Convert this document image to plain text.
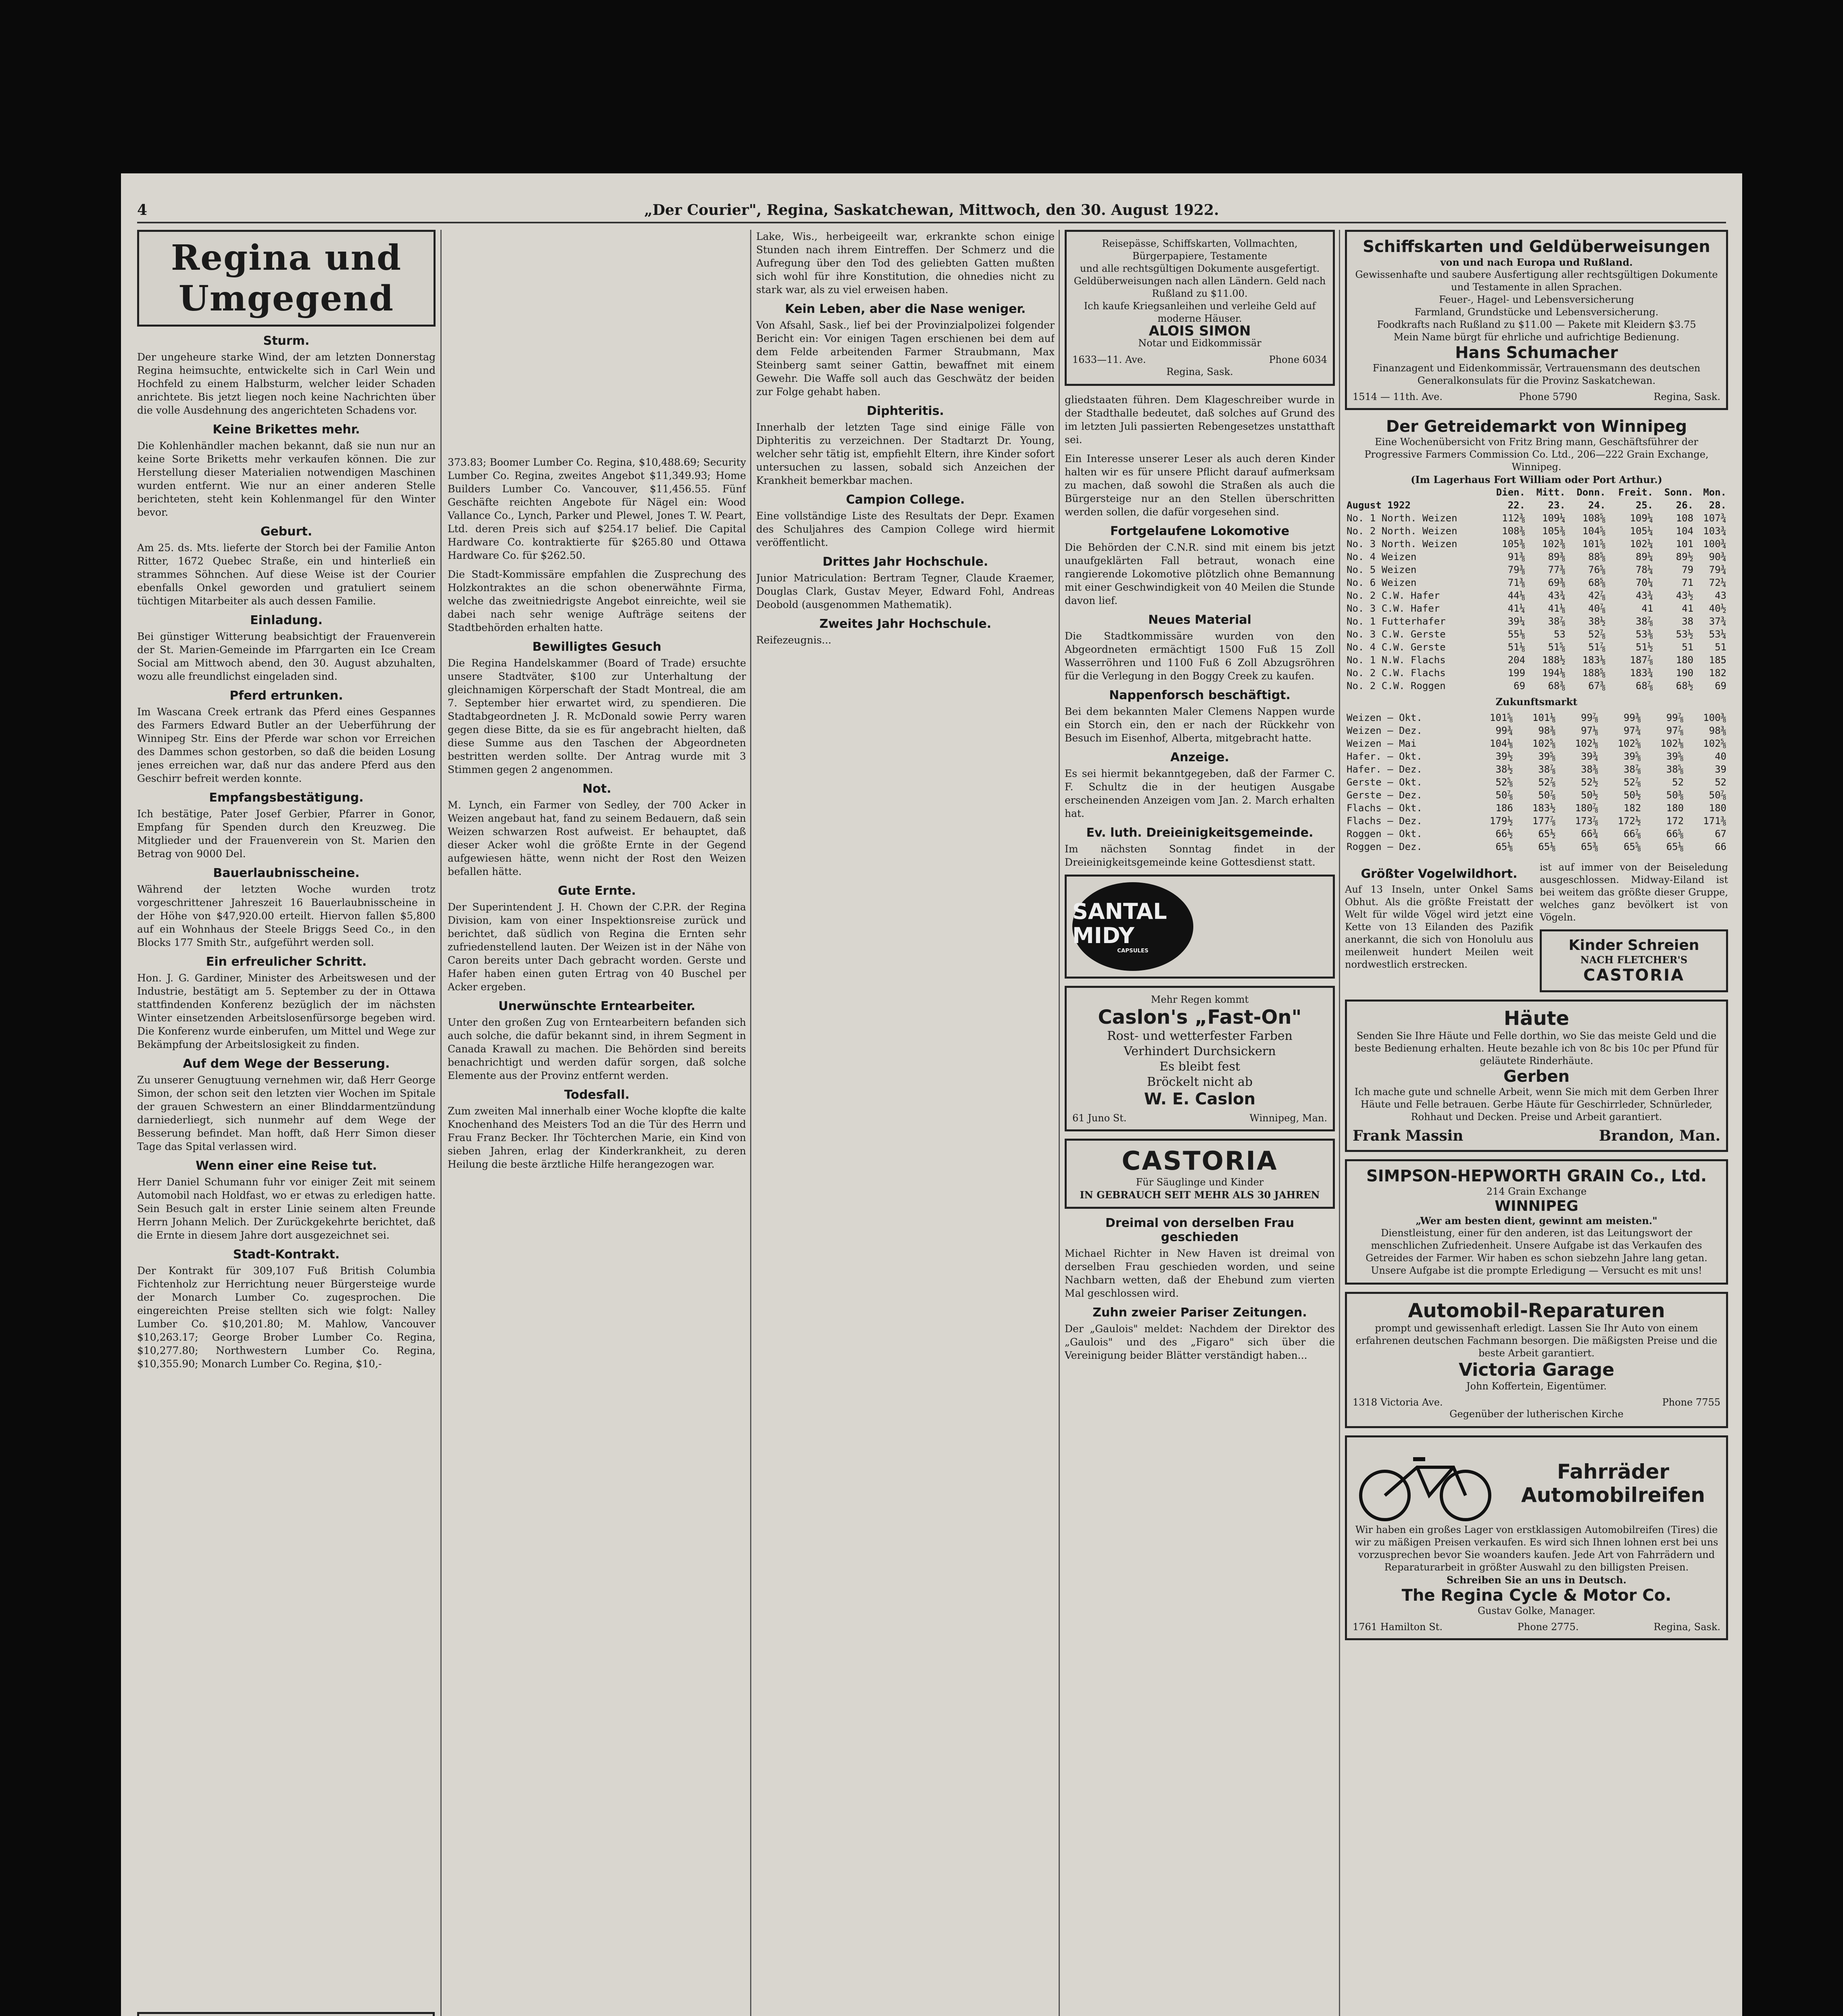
4	„Der Courier", Regina, Saskatchewan, Mittwoch, den 30. August 1922.
Regina und Umgegend
Sturm.

Der ungeheure starke Wind, der am letzten Donnerstag Regina heimsuchte, entwickelte sich in Carl Wein und Hochfeld zu einem Halbsturm, welcher leider Schaden anrichtete. Bis jetzt liegen noch keine Nachrichten über die volle Ausdehnung des angerichteten Schadens vor.

Keine Brikettes mehr.

Die Kohlenhändler machen bekannt, daß sie nun nur an keine Sorte Briketts mehr verkaufen können. Die zur Herstellung dieser Materialien notwendigen Maschinen wurden entfernt. Wie nur an einer anderen Stelle berichteten, steht kein Kohlenmangel für den Winter bevor.

Geburt.

Am 25. ds. Mts. lieferte der Storch bei der Familie Anton Ritter, 1672 Quebec Straße, ein und hinterließ ein strammes Söhnchen. Auf diese Weise ist der Courier ebenfalls Onkel geworden und gratuliert seinem tüchtigen Mitarbeiter als auch dessen Familie.

Einladung.

Bei günstiger Witterung beabsichtigt der Frauenverein der St. Marien-Gemeinde im Pfarrgarten ein Ice Cream Social am Mittwoch abend, den 30. August abzuhalten, wozu alle freundlichst eingeladen sind.

Pferd ertrunken.

Im Wascana Creek ertrank das Pferd eines Gespannes des Farmers Edward Butler an der Ueberführung der Winnipeg Str. Eins der Pferde war schon vor Erreichen des Dammes schon gestorben, so daß die beiden Losung jenes erreichen war, daß nur das andere Pferd aus den Geschirr befreit werden konnte.

Empfangsbestätigung.

Ich bestätige, Pater Josef Gerbier, Pfarrer in Gonor, Empfang für Spenden durch den Kreuzweg. Die Mitglieder und der Frauenverein von St. Marien den Betrag von 9000 Del.

Bauerlaubnisscheine.

Während der letzten Woche wurden trotz vorgeschrittener Jahreszeit 16 Bauerlaubnisscheine in der Höhe von $47,920.00 erteilt. Hiervon fallen $5,800 auf ein Wohnhaus der Steele Briggs Seed Co., in den Blocks 177 Smith Str., aufgeführt werden soll.

Ein erfreulicher Schritt.

Hon. J. G. Gardiner, Minister des Arbeitswesen und der Industrie, bestätigt am 5. September zu der in Ottawa stattfindenden Konferenz bezüglich der im nächsten Winter einsetzenden Arbeitslosenfürsorge begeben wird. Die Konferenz wurde einberufen, um Mittel und Wege zur Bekämpfung der Arbeitslosigkeit zu finden.

Auf dem Wege der Besserung.

Zu unserer Genugtuung vernehmen wir, daß Herr George Simon, der schon seit den letzten vier Wochen im Spitale der grauen Schwestern an einer Blinddarmentzündung darniederliegt, sich nunmehr auf dem Wege der Besserung befindet. Man hofft, daß Herr Simon dieser Tage das Spital verlassen wird.

Wenn einer eine Reise tut.

Herr Daniel Schumann fuhr vor einiger Zeit mit seinem Automobil nach Holdfast, wo er etwas zu erledigen hatte. Sein Besuch galt in erster Linie seinem alten Freunde Herrn Johann Melich. Der Zurückgekehrte berichtet, daß die Ernte in diesem Jahre dort ausgezeichnet sei.

Stadt-Kontrakt.

Der Kontrakt für 309,107 Fuß British Columbia Fichtenholz zur Herrichtung neuer Bürgersteige wurde der Monarch Lumber Co. zugesprochen. Die eingereichten Preise stellten sich wie folgt: Nalley Lumber Co. $10,201.80; M. Mahlow, Vancouver $10,263.17; George Brober Lumber Co. Regina, $10,277.80; Northwestern Lumber Co. Regina, $10,355.90; Monarch Lumber Co. Regina, $10,-

373.83; Boomer Lumber Co. Regina, $10,488.69; Security Lumber Co. Regina, zweites Angebot $11,349.93; Home Builders Lumber Co. Vancouver, $11,456.55. Fünf Geschäfte reichten Angebote für Nägel ein: Wood Vallance Co., Lynch, Parker und Plewel, Jones T. W. Peart, Ltd. deren Preis sich auf $254.17 belief. Die Capital Hardware Co. kontraktierte für $265.80 und Ottawa Hardware Co. für $262.50.

Die Stadt-Kommissäre empfahlen die Zusprechung des Holzkontraktes an die schon obenerwähnte Firma, welche das zweitniedrigste Angebot einreichte, weil sie dabei nach sehr wenige Aufträge seitens der Stadtbehörden erhalten hatte.

Bewilligtes Gesuch

Die Regina Handelskammer (Board of Trade) ersuchte unsere Stadtväter, $100 zur Unterhaltung der gleichnamigen Körperschaft der Stadt Montreal, die am 7. September hier erwartet wird, zu spendieren. Die Stadtabgeordneten J. R. McDonald sowie Perry waren gegen diese Bitte, da sie es für angebracht hielten, daß diese Summe aus den Taschen der Abgeordneten bestritten werden sollte. Der Antrag wurde mit 3 Stimmen gegen 2 angenommen.

Not.

M. Lynch, ein Farmer von Sedley, der 700 Acker in Weizen angebaut hat, fand zu seinem Bedauern, daß sein Weizen schwarzen Rost aufweist. Er behauptet, daß dieser Acker wohl die größte Ernte in der Gegend aufgewiesen hätte, wenn nicht der Rost den Weizen befallen hätte.

Gute Ernte.

Der Superintendent J. H. Chown der C.P.R. der Regina Division, kam von einer Inspektionsreise zurück und berichtet, daß südlich von Regina die Ernten sehr zufriedenstellend lauten. Der Weizen ist in der Nähe von Caron bereits unter Dach gebracht worden. Gerste und Hafer haben einen guten Ertrag von 40 Buschel per Acker ergeben.

Unerwünschte Erntearbeiter.

Unter den großen Zug von Erntearbeitern befanden sich auch solche, die dafür bekannt sind, in ihrem Segment in Canada Krawall zu machen. Die Behörden sind bereits benachrichtigt und werden dafür sorgen, daß solche Elemente aus der Provinz entfernt werden.

Todesfall.

Zum zweiten Mal innerhalb einer Woche klopfte die kalte Knochenhand des Meisters Tod an die Tür des Herrn und Frau Franz Becker. Ihr Töchterchen Marie, ein Kind von sieben Jahren, erlag der Kinderkrankheit, zu deren Heilung die beste ärztliche Hilfe herangezogen war.

Lake, Wis., herbeigeeilt war, erkrankte schon einige Stunden nach ihrem Eintreffen. Der Schmerz und die Aufregung über den Tod des geliebten Gatten mußten sich wohl für ihre Konstitution, die ohnedies nicht zu stark war, als zu viel erweisen haben.

Kein Leben, aber die Nase weniger.

Von Afsahl, Sask., lief bei der Provinzialpolizei folgender Bericht ein: Vor einigen Tagen erschienen bei dem auf dem Felde arbeitenden Farmer Straubmann, Max Steinberg samt seiner Gattin, bewaffnet mit einem Gewehr. Die Waffe soll auch das Geschwätz der beiden zur Folge gehabt haben.

Diphteritis.

Innerhalb der letzten Tage sind einige Fälle von Diphteritis zu verzeichnen. Der Stadtarzt Dr. Young, welcher sehr tätig ist, empfiehlt Eltern, ihre Kinder sofort untersuchen zu lassen, sobald sich Anzeichen der Krankheit bemerkbar machen.

Campion College.

Eine vollständige Liste des Resultats der Depr. Examen des Schuljahres des Campion College wird hiermit veröffentlicht.

Drittes Jahr Hochschule.

Junior Matriculation: Bertram Tegner, Claude Kraemer, Douglas Clark, Gustav Meyer, Edward Fohl, Andreas Deobold (ausgenommen Mathematik).

Zweites Jahr Hochschule.

Reifezeugnis...

Reisepässe, Schiffskarten, Vollmachten, Bürgerpapiere, Testamente
und alle rechtsgültigen Dokumente ausgefertigt. Geldüberweisungen nach allen Ländern. Geld nach Rußland zu $11.00.
Ich kaufe Kriegsanleihen und verleihe Geld auf moderne Häuser.
ALOIS SIMON
Notar und Eidkommissär
1633—11. Ave.	Phone 6034
Regina, Sask.

gliedstaaten führen. Dem Klageschreiber wurde in der Stadthalle bedeutet, daß solches auf Grund des im letzten Juli passierten Rebengesetzes unstatthaft sei.

Ein Interesse unserer Leser als auch deren Kinder halten wir es für unsere Pflicht darauf aufmerksam zu machen, daß sowohl die Straßen als auch die Bürgersteige nur an den Stellen überschritten werden sollen, die dafür vorgesehen sind.

Fortgelaufene Lokomotive

Die Behörden der C.N.R. sind mit einem bis jetzt unaufgeklärten Fall betraut, wonach eine rangierende Lokomotive plötzlich ohne Bemannung mit einer Geschwindigkeit von 40 Meilen die Stunde davon lief.

Neues Material

Die Stadtkommissäre wurden von den Abgeordneten ermächtigt 1500 Fuß 15 Zoll Wasserröhren und 1100 Fuß 6 Zoll Abzugsröhren für die Verlegung in den Boggy Creek zu kaufen.

Nappenforsch beschäftigt.

Bei dem bekannten Maler Clemens Nappen wurde ein Storch ein, den er nach der Rückkehr von Besuch im Eisenhof, Alberta, mitgebracht hatte.

Anzeige.

Es sei hiermit bekanntgegeben, daß der Farmer C. F. Schultz die in der heutigen Ausgabe erscheinenden Anzeigen vom Jan. 2. March erhalten hat.

Ev. luth. Dreieinigkeitsgemeinde.

Im nächsten Sonntag findet in der Dreieinigkeitsgemeinde keine Gottesdienst statt.

SANTAL MIDY
CAPSULES
Mehr Regen kommt
Caslon's „Fast-On"
Rost- und wetterfester Farben
Verhindert Durchsickern
Es bleibt fest
Bröckelt nicht ab
W. E. Caslon
61 Juno St.	Winnipeg, Man.
CASTORIA
Für Säuglinge und Kinder
IN GEBRAUCH SEIT MEHR ALS 30 JAHREN
Dreimal von derselben Frau geschieden

Michael Richter in New Haven ist dreimal von derselben Frau geschieden worden, und seine Nachbarn wetten, daß der Ehebund zum vierten Mal geschlossen wird.

Zuhn zweier Pariser Zeitungen.

Der „Gaulois" meldet: Nachdem der Direktor des „Gaulois" und des „Figaro" sich über die Vereinigung beider Blätter verständigt haben...

Schiffskarten und Geldüberweisungen
von und nach Europa und Rußland.
Gewissenhafte und saubere Ausfertigung aller rechtsgültigen Dokumente und Testamente in allen Sprachen.
Feuer-, Hagel- und Lebensversicherung
Farmland, Grundstücke und Lebensversicherung.
Foodkrafts nach Rußland zu $11.00 — Pakete mit Kleidern $3.75
Mein Name bürgt für ehrliche und aufrichtige Bedienung.
Hans Schumacher
Finanzagent und Eidenkommissär, Vertrauensmann des deutschen Generalkonsulats für die Provinz Saskatchewan.
1514 — 11th. Ave.	Phone 5790	Regina, Sask.
Der Getreidemarkt von Winnipeg
Eine Wochenübersicht von Fritz Bring mann, Geschäftsführer der Progressive Farmers Commission Co. Ltd., 206—222 Grain Exchange, Winnipeg.
(Im Lagerhaus Fort William oder Port Arthur.)
	Dien.	Mitt.	Donn.	Freit.	Sonn.	Mon.
August 1922	22.	23.	24.	25.	26.	28.
No. 1 North. Weizen	112⅜	109¼	108⅝	109¼	108	107¾
No. 2 North. Weizen	108⅜	105⅜	104⅝	105¼	104	103¾
No. 3 North. Weizen	105⅜	102⅜	101⅝	102¼	101	100¾
No. 4 Weizen	91⅜	89⅜	88⅝	89¼	89½	90¾
No. 5 Weizen	79⅜	77⅜	76⅝	78¼	79	79¾
No. 6 Weizen	71⅜	69⅜	68⅝	70¼	71	72¼
No. 2 C.W. Hafer	44⅛	43¾	42⅞	43¾	43½	43
No. 3 C.W. Hafer	41¼	41⅛	40⅞	41	41	40½
No. 1 Futterhafer	39¼	38⅞	38½	38⅞	38	37¾
No. 3 C.W. Gerste	55⅛	53	52⅞	53⅜	53½	53¼
No. 4 C.W. Gerste	51⅛	51⅝	51⅞	51½	51	51
No. 1 N.W. Flachs	204	188½	183⅛	187⅞	180	185
No. 2 C.W. Flachs	199	194⅛	188⅝	183¾	190	182
No. 2 C.W. Roggen	69	68⅜	67⅜	68⅞	68½	69
Zukunftsmarkt
Weizen — Okt.	101⅝	101⅛	99⅞	99⅜	99⅞	100⅜
Weizen — Dez.	99¾	98⅜	97⅛	97¾	97⅞	98⅜
Weizen — Mai	104⅛	102⅝	102⅛	102⅝	102⅛	102⅝
Hafer. — Okt.	39½	39⅝	39¾	39⅝	39⅝	40
Hafer. — Dez.	38½	38⅞	38⅜	38⅞	38⅝	39
Gerste — Okt.	52⅝	52⅞	52½	52⅞	52	52
Gerste — Dez.	50⅞	50⅞	50½	50½	50⅜	50⅞
Flachs — Okt.	186	183½	180⅞	182	180	180
Flachs — Dez.	179½	177⅞	173⅞	172½	172	171⅜
Roggen — Okt.	66½	65½	66¾	66⅞	66⅝	67
Roggen — Dez.	65⅛	65⅛	65⅜	65⅝	65⅛	66
Größter Vogelwildhort.

Auf 13 Inseln, unter Onkel Sams Obhut. Als die größte Freistatt der Welt für wilde Vögel wird jetzt eine Kette von 13 Eilanden des Pazifik anerkannt, die sich von Honolulu aus meilenweit hundert Meilen weit nordwestlich erstrecken.

ist auf immer von der Beiseledung ausgeschlossen. Midway-Eiland ist bei weitem das größte dieser Gruppe, welches ganz bevölkert ist von Vögeln.

Kinder Schreien
NACH FLETCHER'S
CASTORIA
Häute
Senden Sie Ihre Häute und Felle dorthin, wo Sie das meiste Geld und die beste Bedienung erhalten. Heute bezahle ich von 8c bis 10c per Pfund für geläutete Rinderhäute.
Gerben
Ich mache gute und schnelle Arbeit, wenn Sie mich mit dem Gerben Ihrer Häute und Felle betrauen. Gerbe Häute für Geschirrleder, Schnürleder, Rohhaut und Decken. Preise und Arbeit garantiert.
Frank Massin	Brandon, Man.
SIMPSON-HEPWORTH GRAIN Co., Ltd.
214 Grain Exchange
WINNIPEG
„Wer am besten dient, gewinnt am meisten."
Dienstleistung, einer für den anderen, ist das Leitungswort der menschlichen Zufriedenheit. Unsere Aufgabe ist das Verkaufen des Getreides der Farmer. Wir haben es schon siebzehn Jahre lang getan. Unsere Aufgabe ist die prompte Erledigung — Versucht es mit uns!
Automobil-Reparaturen
prompt und gewissenhaft erledigt. Lassen Sie Ihr Auto von einem erfahrenen deutschen Fachmann besorgen. Die mäßigsten Preise und die beste Arbeit garantiert.
Victoria Garage
John Koffertein, Eigentümer.
1318 Victoria Ave.	Phone 7755
Gegenüber der lutherischen Kirche
Fahrräder
Automobilreifen
Wir haben ein großes Lager von erstklassigen Automobilreifen (Tires) die wir zu mäßigen Preisen verkaufen. Es wird sich Ihnen lohnen erst bei uns vorzusprechen bevor Sie woanders kaufen. Jede Art von Fahrrädern und Reparaturarbeit in größter Auswahl zu den billigsten Preisen.
Schreiben Sie an uns in Deutsch.
The Regina Cycle & Motor Co.
Gustav Golke, Manager.
1761 Hamilton St.	Phone 2775.	Regina, Sask.
